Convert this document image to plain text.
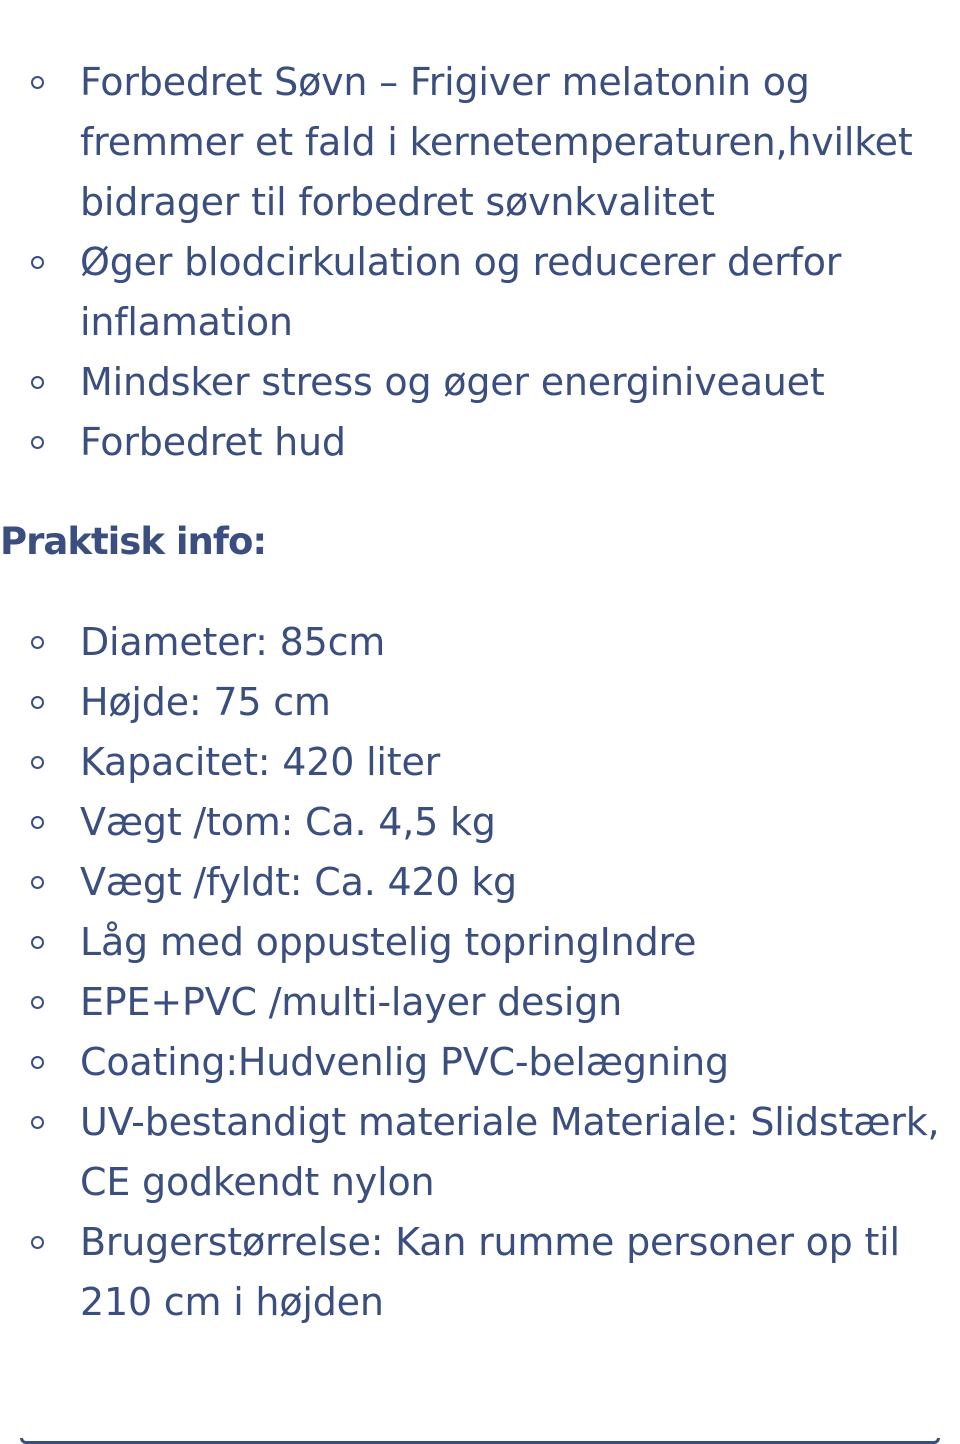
Forbedret Søvn – Frigiver melatonin og fremmer et fald i kernetemperaturen,hvilket bidrager til forbedret søvnkvalitet
Øger blodcirkulation og reducerer derfor inflamation
Mindsker stress og øger energiniveauet
Forbedret hud
Praktisk info:
Diameter: 85cm
Højde: 75 cm
Kapacitet: 420 liter
Vægt /tom: Ca. 4,5 kg
Vægt /fyldt: Ca. 420 kg
Låg med oppustelig topringIndre
EPE+PVC /multi-layer design
Coating:Hudvenlig PVC-belægning
UV-bestandigt materiale Materiale: Slidstærk, CE godkendt nylon
Brugerstørrelse: Kan rumme personer op til 210 cm i højden
